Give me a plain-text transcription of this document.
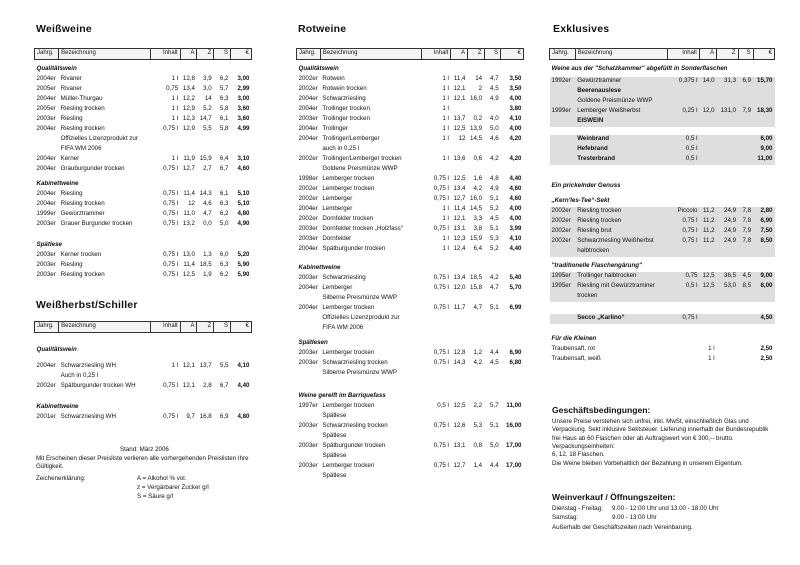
Weißweine
Jahrg.	Bezeichnung	Inhalt	A	Z	S	€
Qualitätswein						
2004er	Rivaner	1 l	12,8	3,9	6,2	3,00
2005er	Rivaner	0,75	13,4	3,0	5,7	2,99
2004er	Müller-Thurgau	1 l	12,2	14	6,3	3,00
2005er	Riesling trocken	1 l	12,9	5,2	5,8	3,60
2003er	Riesling	1 l	12,3	14,7	6,1	3,60
2004er	Riesling trocken	0,75 l	12,9	5,5	5,8	4,99
	Offizielles Lizenzprodukt zur					
	FIFA WM 2006					
2004er	Kerner	1 l	11,9	15,9	6,4	3,10
2004er	Grauburgunder trocken	0,75 l	12,7	2,7	6,7	4,60
Kabinettweine						
2004er	Riesling	0,75 l	11,4	14,3	6,1	5,10
2004er	Riesling trocken	0,75 l	12	4,6	6,3	5,10
1999er	Gewürztraminer	0,75 l	11,0	4,7	6,2	4,80
2003er	Grauer Burgunder trocken	0,75 l	13,2	0,0	5,0	4,90

Spätlese						
2003er	Kerner trocken	0,75 l	13,0	1,3	6,0	5,20
2003er	Riesling	0,75 l	11,4	18,5	6,3	5,90
2003er	Riesling trocken	0,75 l	12,5	1,9	6,2	5,90
Weißherbst/Schiller
Jahrg.	Bezeichnung	Inhalt	A	Z	S	€

Qualitätswein						

2004er	Schwarzriesling WH	1 l	12,1	13,7	5,5	4,10
	Auch in 0,25 l					
2002er	Spätburgunder trocken WH	0,75 l	12,1	2,8	6,7	4,40

Kabinettweine						
2001er	Schwarzriesling WH	0,75 l	9,7	16,8	6,9	4,80
Stand: März 2006
Mit Erscheinen dieser Preisliste verlieren alle vorhergehenden Preislisten Ihre
Gültigkeit.
Zeichenerklärung:	A = Alkohol % vol.
z = Vergärbarer Zucker g/l
S = Säure g/l
Rotweine
Jahrg.	Bezeichnung	Inhalt	A	Z	S	€
Qualitätswein						
2002er	Rotwein	1 l	11,4	14	4,7	3,50
2002er	Rotwein trocken	1 l	12,1	2	4,5	3,50
2004er	Schwarzriesling	1 l	12,1	16,0	4,9	4,00
2004er	Trollinger trocken	1 l				3,80
2003er	Trollinger trocken	1 l	13,7	0,2	4,0	4,10
2004er	Trollinger	1 l	12,5	13,9	5,0	4,00
2004er	Trollinger/Lemberger	1 l	12	14,5	4,6	4,20
	auch in 0,25 l					
2002er	Trollinger/Lemberger trocken	1 l	13,6	0,6	4,2	4,20
	Goldene Preismünze WWP					
1998er	Lemberger trocken	0,75 l	12,5	1,6	4,8	4,40
2002er	Lemberger trocken	0,75 l	13,4	4,2	4,9	4,60
2002er	Lemberger	0,75 l	12,7	16,0	5,1	4,60
2004er	Lemberger	1 l	11,4	14,5	5,2	4,00
2002er	Dornfelder trocken	1 l	12,1	3,3	4,5	4,00
2003er	Dornfelder trocken „Holzfass“	0,75 l	13,1	3,8	5,1	3,99
2003er	Dornfelder	1 l	12,3	15,9	5,3	4,10
2004er	Spätburgunder trocken	1 l	12,4	6,4	5,2	4,40

Kabinettweine						
2003er	Schwarzriesling	0,75 l	13,4	18,5	4,2	5,40
2004er	Lemberger	0,75 l	12,0	15,8	4,7	5,70
	Silberne Preismünze WWP					
2004er	Lemberger trocken	0,75 l	11,7	4,7	5,1	6,99
	Offizielles Lizenzprodukt zur					
	FIFA WM 2006					
Spätlesen						
2003er	Lemberger trocken	0,75 l	12,8	1,2	4,4	6,90
2003er	Schwarzriesling trocken	0,75 l	14,3	4,2	4,5	6,80
	Silberne Preismünze WWP					

Weine gereift im Barriquefass						
1997er	Lemberger trocken	0,5 l	12,5	2,2	5,7	11,00
	Spätlese					
2003er	Schwarzriesling trocken	0,75 l	12,6	5,3	5,1	16,00
	Spätlese					
2003er	Spätburgunder trocken	0,75 l	13,1	0,8	5,0	17,00
	Spätlese					
2003er	Lemberger trocken	0,75 l	12,7	1,4	4,4	17,00
	Spätlese					
Exklusives
Jahrg.	Bezeichnung	Inhalt	A	Z	S	€
Weine aus der "Schatzkammer" abgefüllt in Sonderflaschen						

1992er	Gewürztraminer	0,375 l	14,0	31,3	6,9	15,70
	Beerenauslese					
	Goldene Preismünze WWP					
1999er	Lemberger Weißherbst	0,25 l	12,0	131,0	7,9	18,30
	EISWEIN					

	Weinbrand	0,5 l				6,00
	Hefebrand	0,5 l				9,00
	Tresterbrand	0,5 l				11,00

Ein prickelnder Genuss						
„Kern'les-Tee“-Sekt						
2002er	Riesling trocken	Piccolo	11,2	24,9	7,8	2,80
2002er	Riesling trocken	0,75 l	11,2	24,9	7,8	6,90
2002er	Riesling brut	0,75 l	11,2	24,9	7,9	7,50
2002er	Schwarzriesling Weißherbst	0,75 l	11,2	24,9	7,8	8,50
	halbtrocken					
"traditionelle Flaschengärung"						
1995er	Trollinger halbtrocken	0,75	12,5	36,5	4,5	9,00
1995er	Riesling mit Gewürztraminer	0,5 l	12,5	53,0	8,5	8,00
	trocken					

	Secco „Karlino“	0,75 l				4,50

Für die Kleinen						
Traubensaft, rot		1 l				2,50
Traubensaft, weiß		1 l				2,50
Geschäftsbedingungen:
Unsere Preise verstehen sich unfrei, inkl. MwSt, einschließlich Glas und
Verpackung. Sekt inklusive Sektsteuer. Lieferung innerhalb der Bundesrepublik
frei Haus ab 60 Flaschen oder ab Auftragswert von € 300,-- brutto.
Verpackungseinheiten:
6, 12, 18 Flaschen.
Die Weine bleiben Vorbehaltlich der Bezahlung in unserem Eigentum.
Weinverkauf / Öffnungszeiten:
Dienstag - Freitag: 9.00 - 12:00 Uhr und 13.00 - 18.00 Uhr
Samstag:	9.00 - 13:00 Uhr
Außerhalb der Geschäftszeiten nach Vereinbarung.
